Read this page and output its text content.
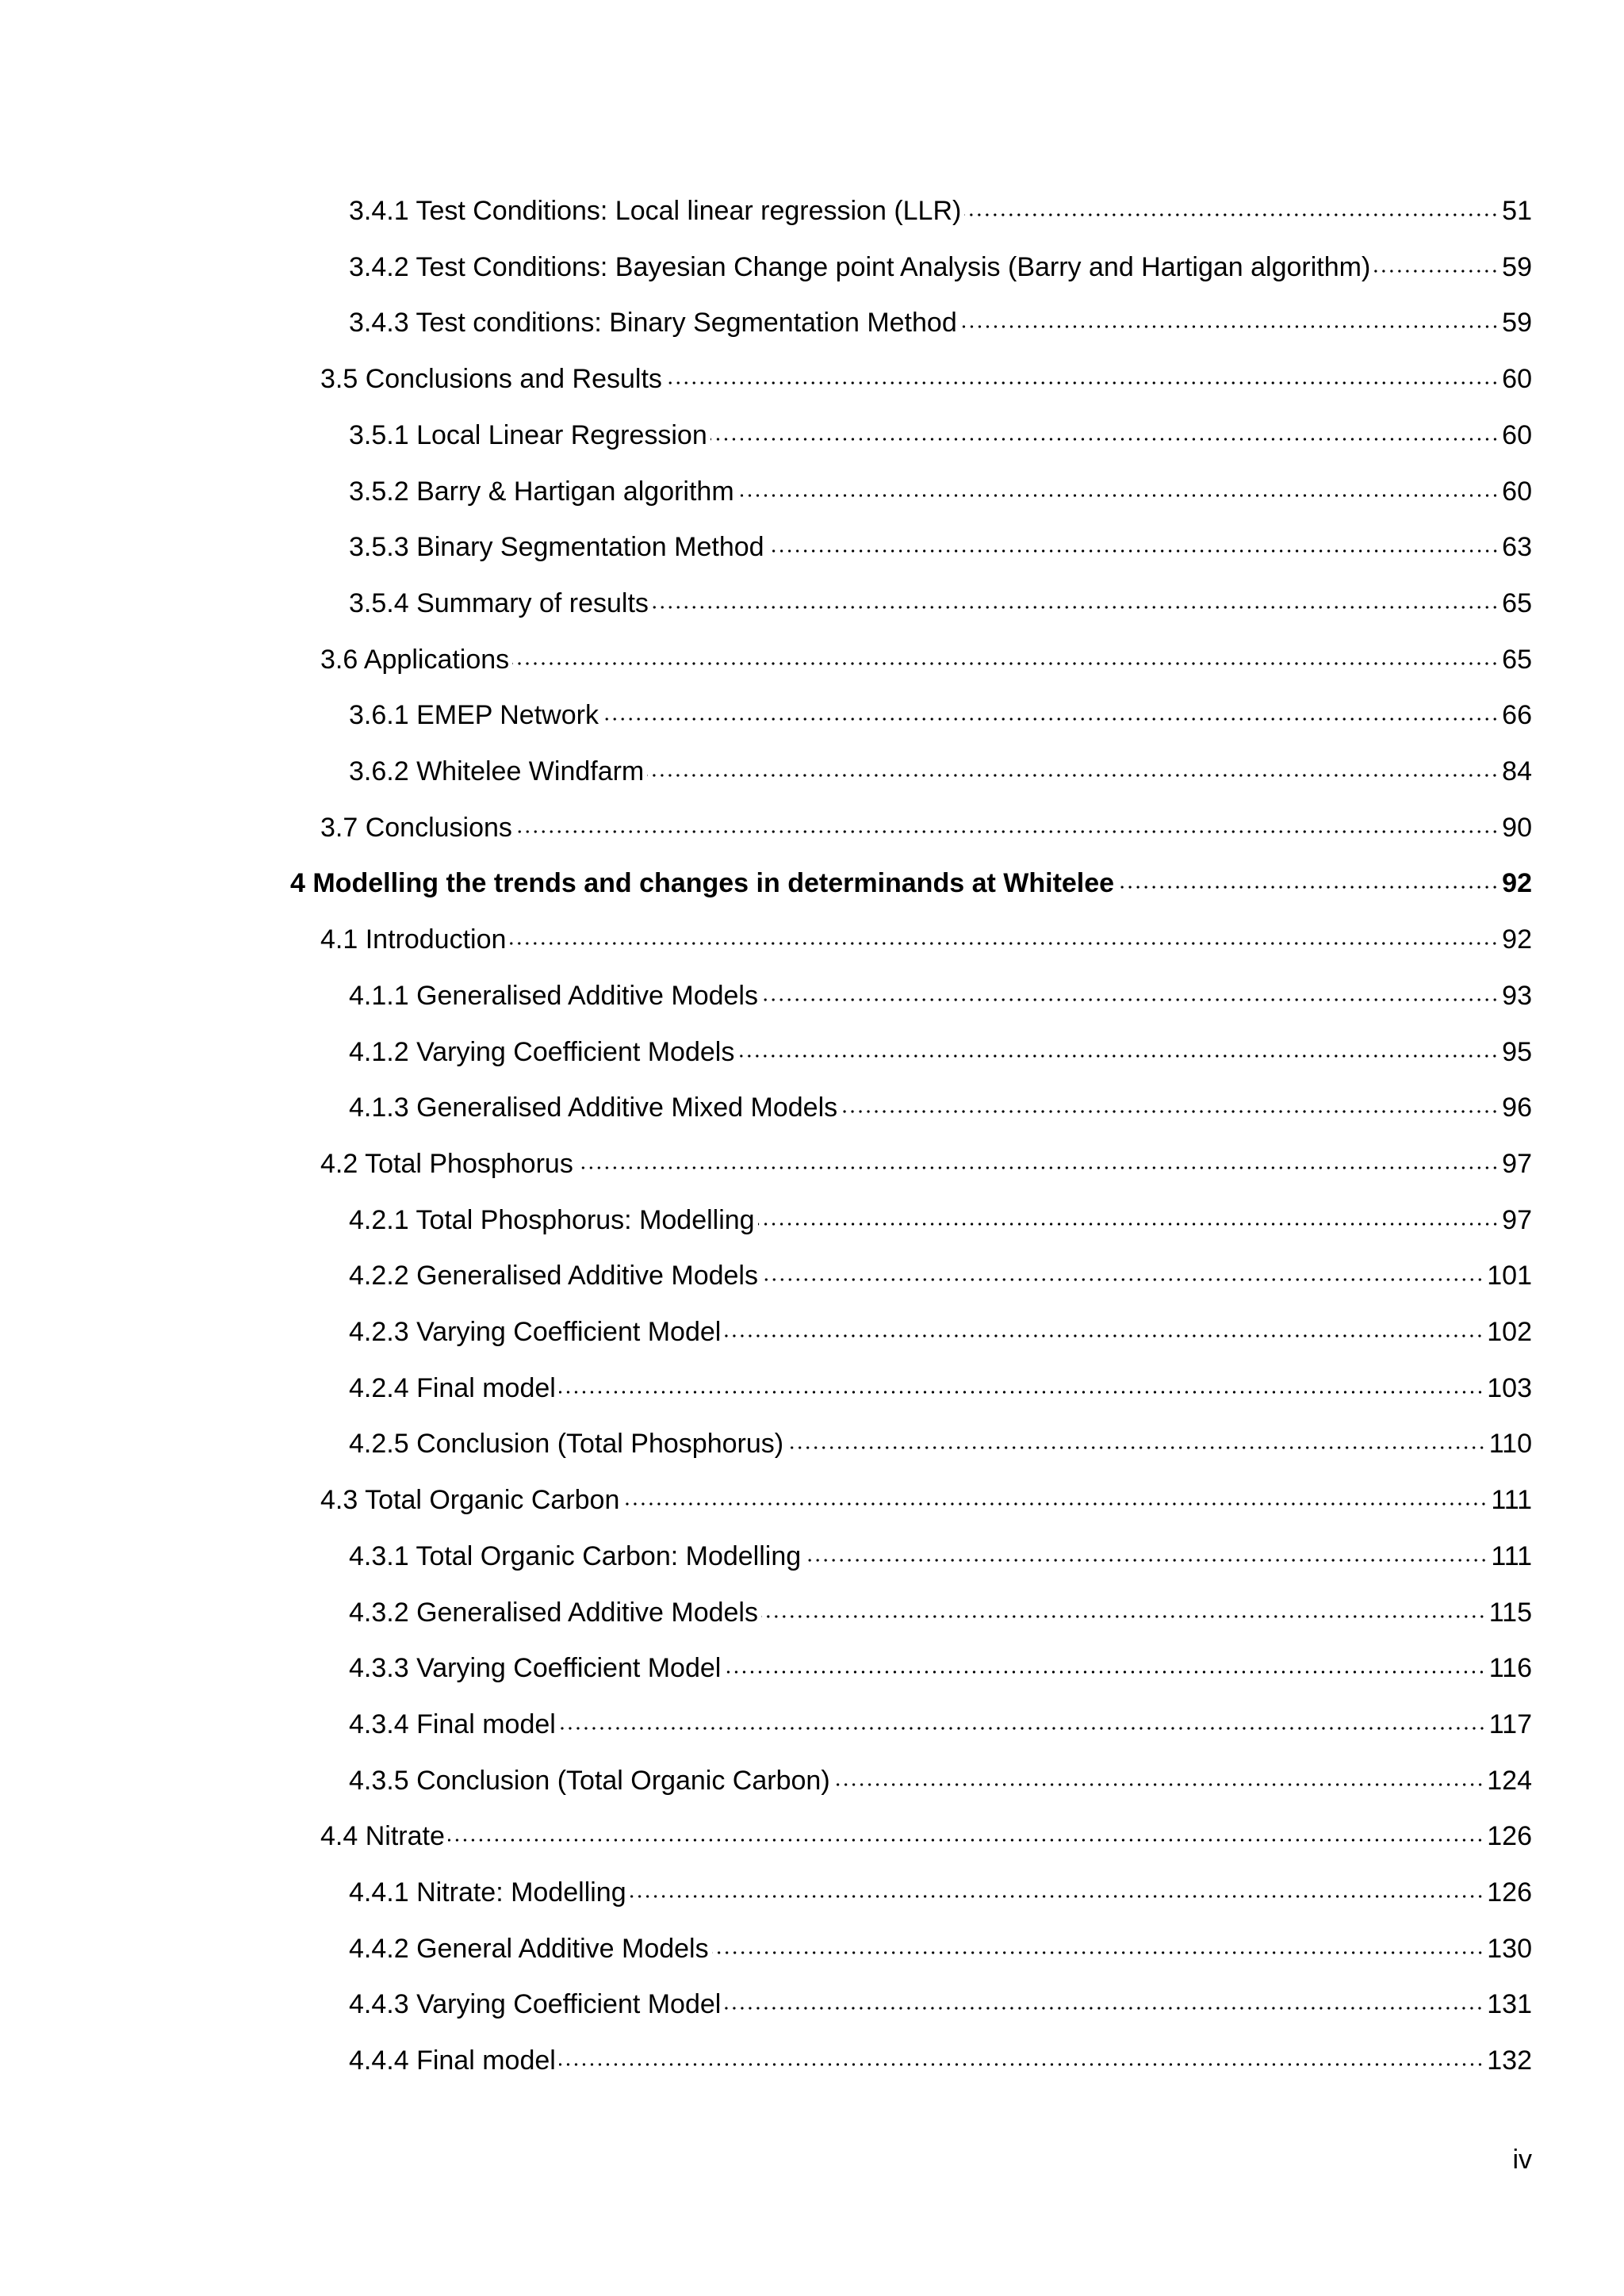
3.4.1 Test Conditions: Local linear regression (LLR)	51
3.4.2 Test Conditions: Bayesian Change point Analysis (Barry and Hartigan algorithm)	59
3.4.3 Test conditions: Binary Segmentation Method	59
3.5 Conclusions and Results	60
3.5.1 Local Linear Regression	60
3.5.2 Barry & Hartigan algorithm	60
3.5.3 Binary Segmentation Method	63
3.5.4 Summary of results	65
3.6 Applications	65
3.6.1 EMEP Network	66
3.6.2 Whitelee Windfarm	84
3.7 Conclusions	90
4 Modelling the trends and changes in determinands at Whitelee	92
4.1 Introduction	92
4.1.1 Generalised Additive Models	93
4.1.2 Varying Coefficient Models	95
4.1.3 Generalised Additive Mixed Models	96
4.2 Total Phosphorus	97
4.2.1 Total Phosphorus: Modelling	97
4.2.2 Generalised Additive Models	101
4.2.3 Varying Coefficient Model	102
4.2.4 Final model	103
4.2.5 Conclusion (Total Phosphorus)	110
4.3 Total Organic Carbon	111
4.3.1 Total Organic Carbon: Modelling	111
4.3.2 Generalised Additive Models	115
4.3.3 Varying Coefficient Model	116
4.3.4 Final model	117
4.3.5 Conclusion (Total Organic Carbon)	124
4.4 Nitrate	126
4.4.1 Nitrate: Modelling	126
4.4.2 General Additive Models	130
4.4.3 Varying Coefficient Model	131
4.4.4 Final model	132
iv
